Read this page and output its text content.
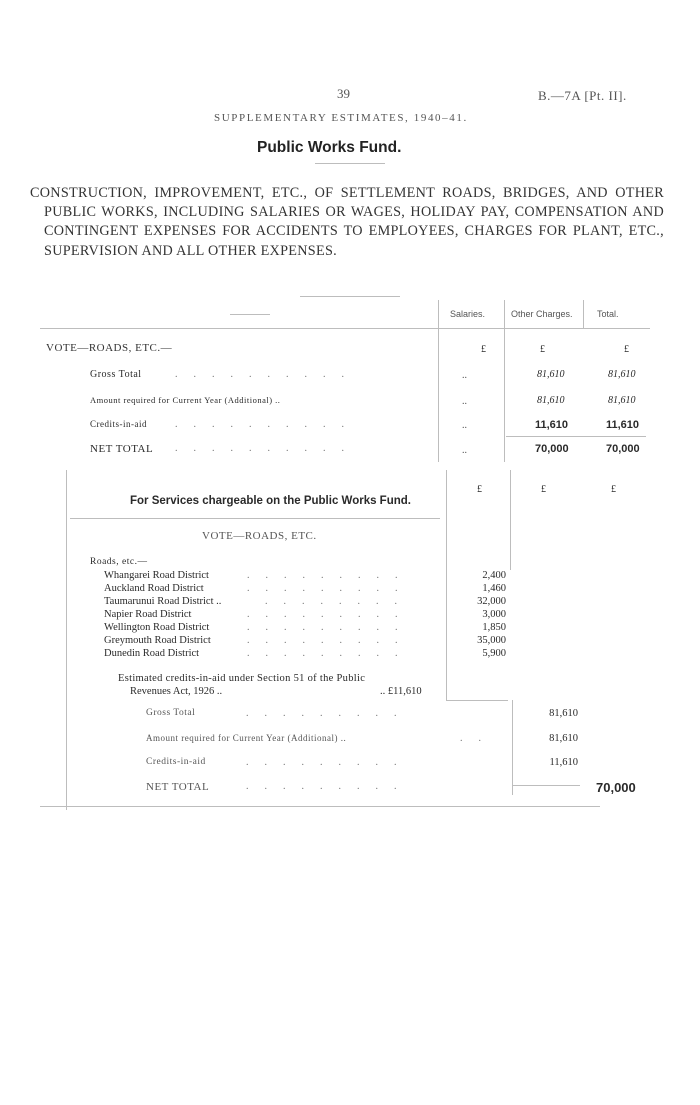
39	B.—7A [Pt. II].
SUPPLEMENTARY ESTIMATES, 1940–41.
Public Works Fund.
CONSTRUCTION, IMPROVEMENT, ETC., OF SETTLEMENT ROADS, BRIDGES, AND OTHER PUBLIC WORKS, INCLUDING SALARIES OR WAGES, HOLIDAY PAY, COMPENSATION AND CONTINGENT EXPENSES FOR ACCIDENTS TO EMPLOYEES, CHARGES FOR PLANT, ETC., SUPERVISION AND ALL OTHER EXPENSES.
Salaries.	Other Charges.	Total.
VOTE—ROADS, ETC.—	£	£	£
Gross Total	..........	..	81,610	81,610
Amount required for Current Year (Additional) ..	..	81,610	81,610
Credits-in-aid	..........	..	11,610	11,610
NET TOTAL ..........	..	70,000	70,000
£	£	£
For Services chargeable on the Public Works Fund.
VOTE—ROADS, ETC.
Roads, etc.—
Whangarei Road District	.........	2,400
Auckland Road District	.........	1,460
Taumarunui Road District ..	........	32,000
Napier Road District	.........	3,000
Wellington Road District	.........	1,850
Greymouth Road District	.........	35,000
Dunedin Road District	.........	5,900
Estimated credits-in-aid under Section 51 of the Public
Revenues Act, 1926 ..	.. £11,610
Gross Total	.........	81,610
Amount required for Current Year (Additional) ..	..	81,610
Credits-in-aid	.........	11,610
NET TOTAL	.........	70,000
